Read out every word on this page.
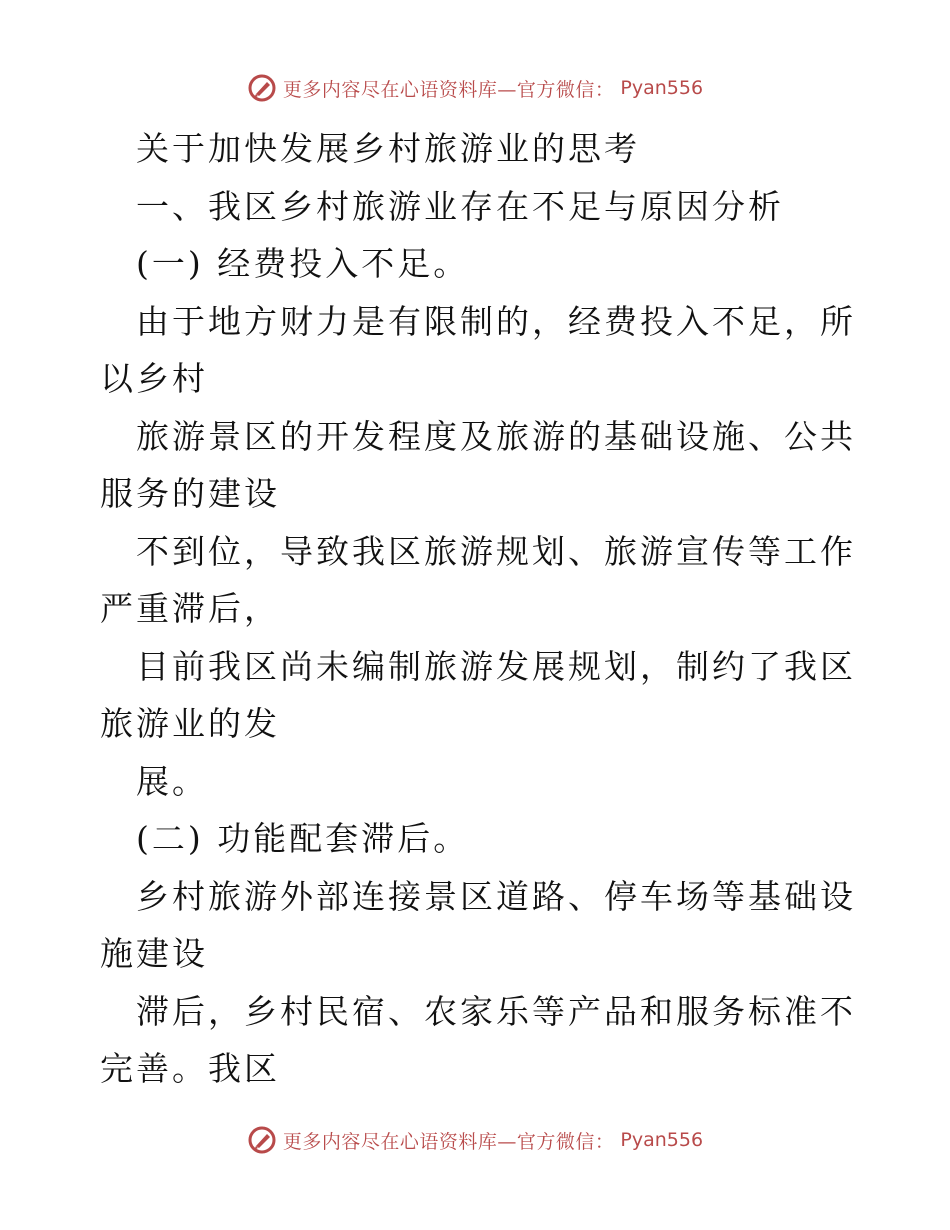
更多内容尽在心语资料库—官方微信： Pyan556

关于加快发展乡村旅游业的思考

一、我区乡村旅游业存在不足与原因分析

(一) 经费投入不足。

由于地方财力是有限制的，经费投入不足，所以乡村

旅游景区的开发程度及旅游的基础设施、公共服务的建设

不到位，导致我区旅游规划、旅游宣传等工作严重滞后，

目前我区尚未编制旅游发展规划，制约了我区旅游业的发

展。

(二) 功能配套滞后。

乡村旅游外部连接景区道路、停车场等基础设施建设

滞后，乡村民宿、农家乐等产品和服务标准不完善。我区

更多内容尽在心语资料库—官方微信： Pyan556
